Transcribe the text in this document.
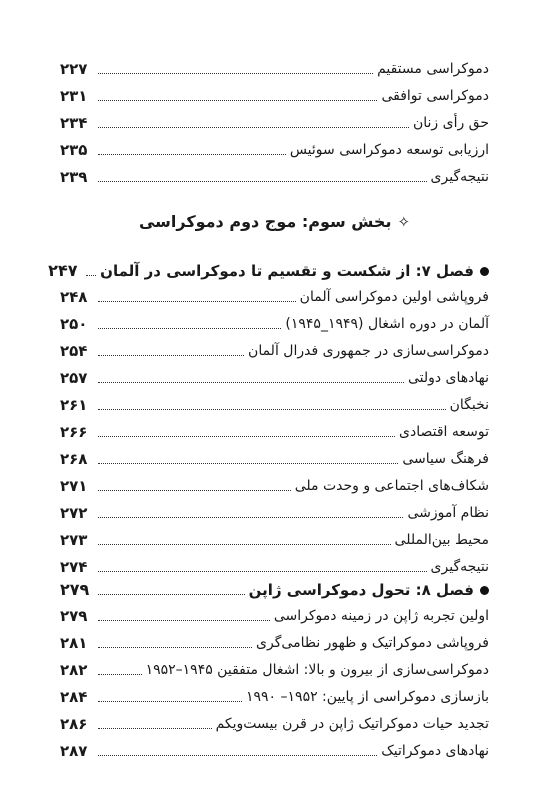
دموکراسی مستقیم
۲۲۷
دموکراسی توافقی
۲۳۱
حق رأی زنان
۲۳۴
ارزیابی توسعه دموکراسی سوئیس
۲۳۵
نتیجه‌گیری
۲۳۹
✧بخش سوم: موج دوم دموکراسی
فصل ۷: از شکست و تقسیم تا دموکراسی در آلمان
۲۴۷
فروپاشی اولین دموکراسی آلمان
۲۴۸
آلمان در دوره اشغال (۱۹۴۹_۱۹۴۵)
۲۵۰
دموکراسی‌سازی در جمهوری فدرال آلمان
۲۵۴
نهادهای دولتی
۲۵۷
نخبگان
۲۶۱
توسعه اقتصادی
۲۶۶
فرهنگ سیاسی
۲۶۸
شکاف‌های اجتماعی و وحدت ملی
۲۷۱
نظام آموزشی
۲۷۲
محیط بین‌المللی
۲۷۳
نتیجه‌گیری
۲۷۴
فصل ۸: تحول دموکراسی ژاپن
۲۷۹
اولین تجربه ژاپن در زمینه دموکراسی
۲۷۹
فروپاشی دموکراتیک و ظهور نظامی‌گری
۲۸۱
دموکراسی‌سازی از بیرون و بالا: اشغال متفقین ۱۹۴۵–۱۹۵۲
۲۸۲
بازسازی دموکراسی از پایین: ۱۹۵۲– ۱۹۹۰
۲۸۴
تجدید حیات دموکراتیک ژاپن در قرن بیست‌ویکم
۲۸۶
نهادهای دموکراتیک
۲۸۷
